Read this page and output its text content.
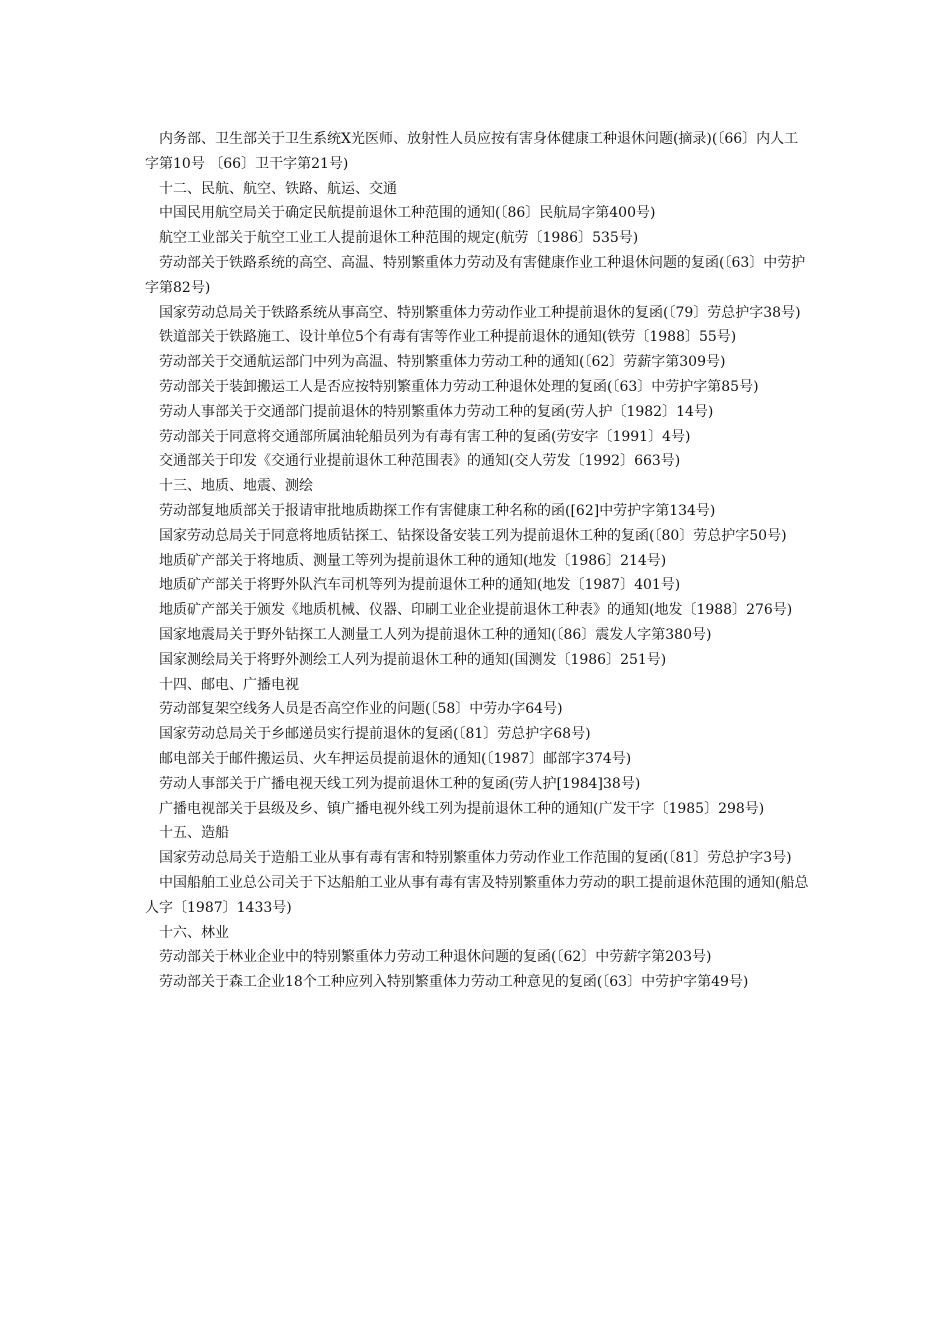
内务部、卫生部关于卫生系统Ⅹ光医师、放射性人员应按有害身体健康工种退休问题(摘录)(〔66〕内人工字第10号 〔66〕卫干字第21号)

十二、民航、航空、铁路、航运、交通

中国民用航空局关于确定民航提前退休工种范围的通知(〔86〕民航局字第400号)

航空工业部关于航空工业工人提前退休工种范围的规定(航劳〔1986〕535号)

劳动部关于铁路系统的高空、高温、特别繁重体力劳动及有害健康作业工种退休问题的复函(〔63〕中劳护字第82号)

国家劳动总局关于铁路系统从事高空、特别繁重体力劳动作业工种提前退休的复函(〔79〕劳总护字38号)

铁道部关于铁路施工、设计单位5个有毒有害等作业工种提前退休的通知(铁劳〔1988〕55号)

劳动部关于交通航运部门中列为高温、特别繁重体力劳动工种的通知(〔62〕劳薪字第309号)

劳动部关于装卸搬运工人是否应按特别繁重体力劳动工种退休处理的复函(〔63〕中劳护字第85号)

劳动人事部关于交通部门提前退休的特别繁重体力劳动工种的复函(劳人护〔1982〕14号)

劳动部关于同意将交通部所属油轮船员列为有毒有害工种的复函(劳安字〔1991〕4号)

交通部关于印发《交通行业提前退休工种范围表》的通知(交人劳发〔1992〕663号)

十三、地质、地震、测绘

劳动部复地质部关于报请审批地质勘探工作有害健康工种名称的函([62]中劳护字第134号)

国家劳动总局关于同意将地质钻探工、钻探设备安装工列为提前退休工种的复函(〔80〕劳总护字50号)

地质矿产部关于将地质、测量工等列为提前退休工种的通知(地发〔1986〕214号)

地质矿产部关于将野外队汽车司机等列为提前退休工种的通知(地发〔1987〕401号)

地质矿产部关于颁发《地质机械、仪器、印刷工业企业提前退休工种表》的通知(地发〔1988〕276号)

国家地震局关于野外钻探工人测量工人列为提前退休工种的通知(〔86〕震发人字第380号)

国家测绘局关于将野外测绘工人列为提前退休工种的通知(国测发〔1986〕251号)

十四、邮电、广播电视

劳动部复架空线务人员是否高空作业的问题(〔58〕中劳办字64号)

国家劳动总局关于乡邮递员实行提前退休的复函(〔81〕劳总护字68号)

邮电部关于邮件搬运员、火车押运员提前退休的通知(〔1987〕邮部字374号)

劳动人事部关于广播电视天线工列为提前退休工种的复函(劳人护[1984]38号)

广播电视部关于县级及乡、镇广播电视外线工列为提前退休工种的通知(广发干字〔1985〕298号)

十五、造船

国家劳动总局关于造船工业从事有毒有害和特别繁重体力劳动作业工作范围的复函(〔81〕劳总护字3号)

中国船舶工业总公司关于下达船舶工业从事有毒有害及特别繁重体力劳动的职工提前退休范围的通知(船总人字〔1987〕1433号)

十六、林业

劳动部关于林业企业中的特别繁重体力劳动工种退休问题的复函(〔62〕中劳薪字第203号)

劳动部关于森工企业18个工种应列入特别繁重体力劳动工种意见的复函(〔63〕中劳护字第49号)
